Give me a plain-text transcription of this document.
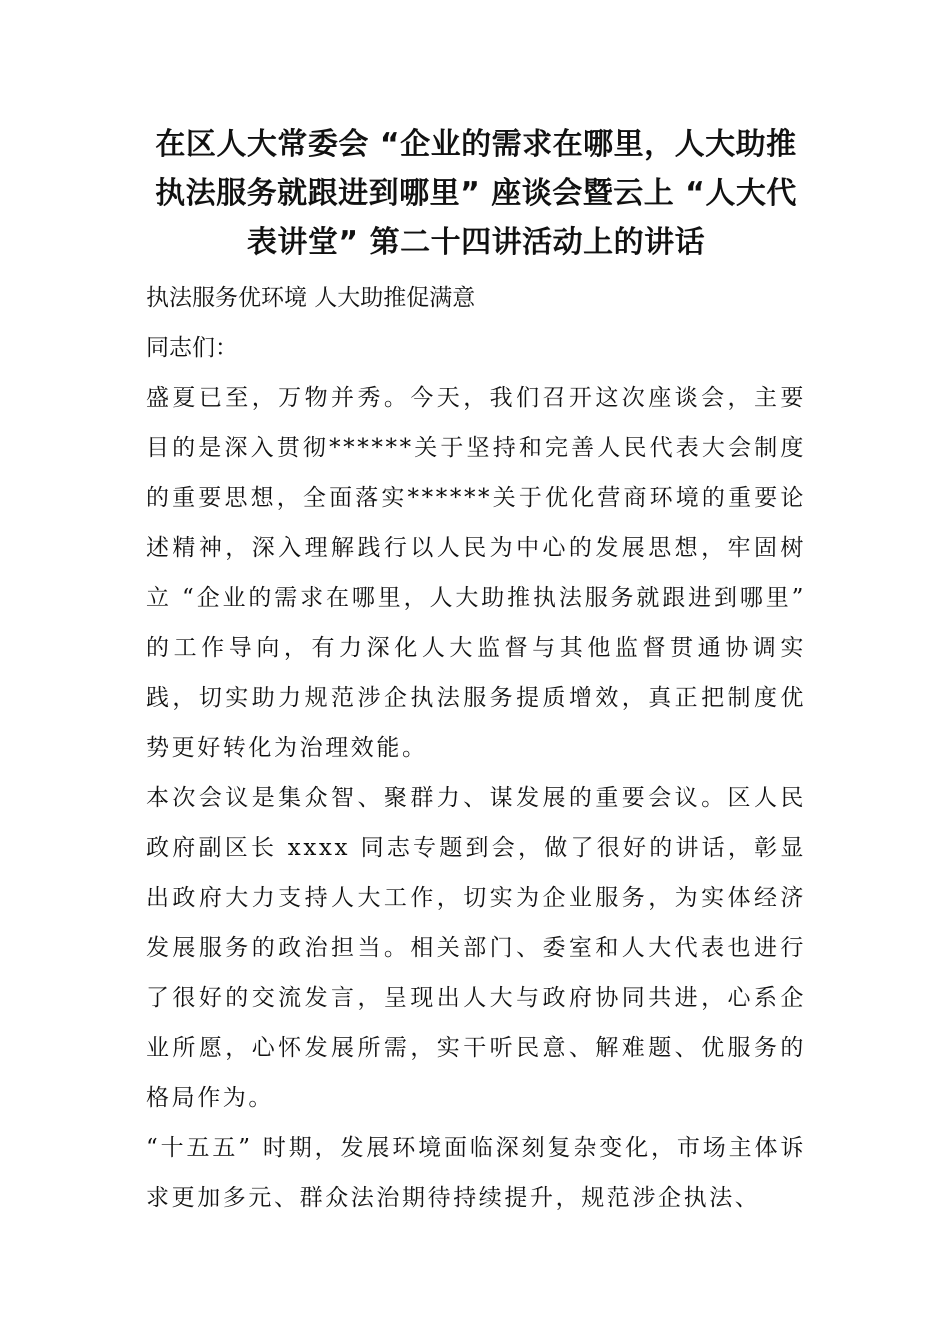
在区人大常委会 “企业的需求在哪里，人大助推执法服务就跟进到哪里” 座谈会暨云上 “人大代表讲堂” 第二十四讲活动上的讲话

执法服务优环境 人大助推促满意

同志们：

盛夏已至，万物并秀。今天，我们召开这次座谈会，主要目的是深入贯彻******关于坚持和完善人民代表大会制度的重要思想，全面落实******关于优化营商环境的重要论述精神，深入理解践行以人民为中心的发展思想，牢固树立 “企业的需求在哪里，人大助推执法服务就跟进到哪里” 的工作导向，有力深化人大监督与其他监督贯通协调实践，切实助力规范涉企执法服务提质增效，真正把制度优势更好转化为治理效能。

本次会议是集众智、聚群力、谋发展的重要会议。区人民政府副区长 xxxx 同志专题到会，做了很好的讲话，彰显出政府大力支持人大工作，切实为企业服务，为实体经济发展服务的政治担当。相关部门、委室和人大代表也进行了很好的交流发言，呈现出人大与政府协同共进，心系企业所愿，心怀发展所需，实干听民意、解难题、优服务的格局作为。

“十五五” 时期，发展环境面临深刻复杂变化，市场主体诉求更加多元、群众法治期待持续提升，规范涉企执法、
